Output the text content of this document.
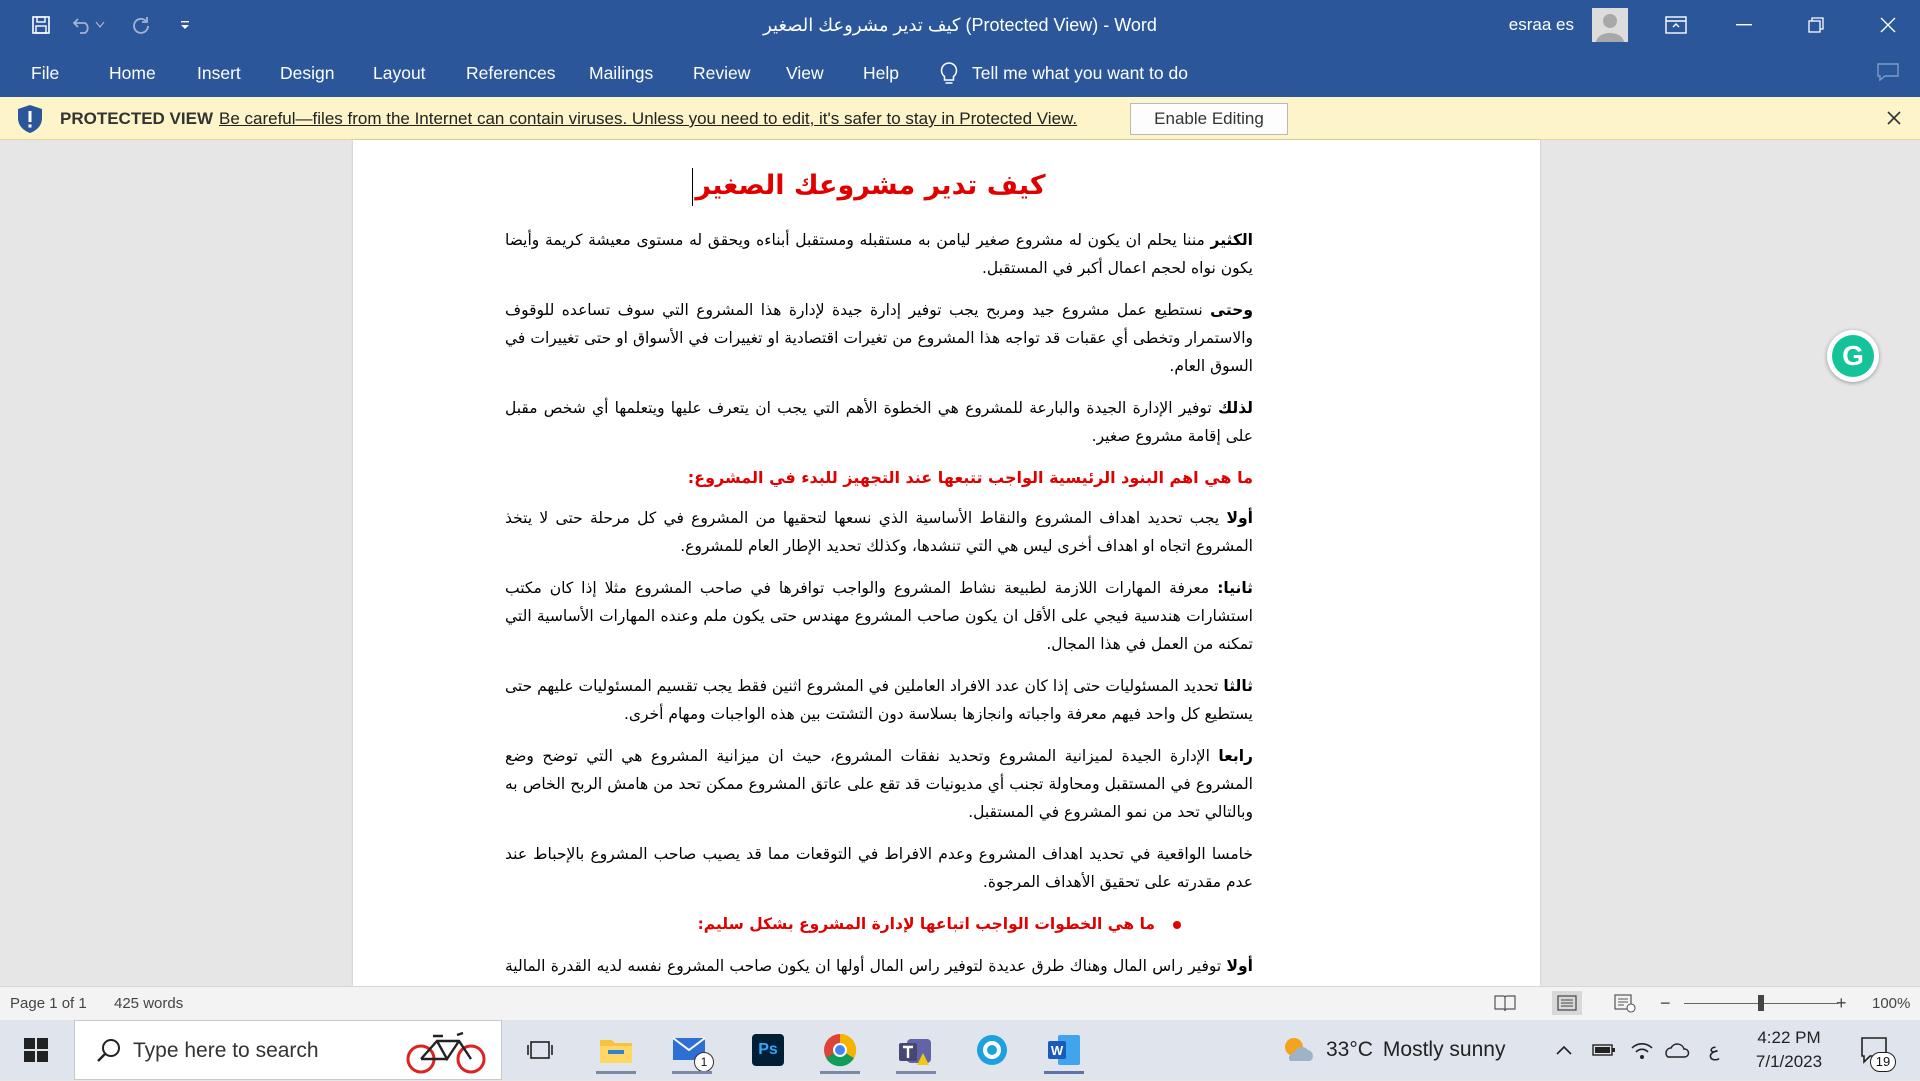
كيف تدير مشروعك الصغير (Protected View) - Word	esraa es
File	Home Insert Design Layout References Mailings Review View Help	Tell me what you want to do
PROTECTED VIEW Be careful—files from the Internet can contain viruses. Unless you need to edit, it's safer to stay in Protected View.	Enable Editing
كيف تدير مشروعك الصغير
الكثير مننا يحلم ان يكون له مشروع صغير ليامن به مستقبله ومستقبل أبناءه ويحقق له مستوى معيشة كريمة وأيضا يكون نواه لحجم اعمال أكبر في المستقبل.
وحتى نستطيع عمل مشروع جيد ومربح يجب توفير إدارة جيدة لإدارة هذا المشروع التي سوف تساعده للوقوف والاستمرار وتخطى أي عقبات قد تواجه هذا المشروع من تغيرات اقتصادية او تغييرات في الأسواق او حتى تغييرات في السوق العام.
لذلك توفير الإدارة الجيدة والبارعة للمشروع هي الخطوة الأهم التي يجب ان يتعرف عليها ويتعلمها أي شخص مقبل على إقامة مشروع صغير.
ما هي اهم البنود الرئيسية الواجب تتبعها عند التجهيز للبدء في المشروع:
أولا يجب تحديد اهداف المشروع والنقاط الأساسية الذي نسعها لتحقيها من المشروع في كل مرحلة حتى لا يتخذ المشروع اتجاه او اهداف أخرى ليس هي التي تنشدها، وكذلك تحديد الإطار العام للمشروع.
ثانيا: معرفة المهارات اللازمة لطبيعة نشاط المشروع والواجب توافرها في صاحب المشروع مثلا إذا كان مكتب استشارات هندسية فيجي على الأقل ان يكون صاحب المشروع مهندس حتى يكون ملم وعنده المهارات الأساسية التي تمكنه من العمل في هذا المجال.
ثالثا تحديد المسئوليات حتى إذا كان عدد الافراد العاملين في المشروع اثنين فقط يجب تقسيم المسئوليات عليهم حتى يستطيع كل واحد فيهم معرفة واجباته وانجازها بسلاسة دون التشتت بين هذه الواجبات ومهام أخرى.
رابعا الإدارة الجيدة لميزانية المشروع وتحديد نفقات المشروع، حيث ان ميزانية المشروع هي التي توضح وضع المشروع في المستقبل ومحاولة تجنب أي مديونيات قد تقع على عاتق المشروع ممكن تحد من هامش الربح الخاص به وبالتالي تحد من نمو المشروع في المستقبل.
خامسا الواقعية في تحديد اهداف المشروع وعدم الافراط في التوقعات مما قد يصيب صاحب المشروع بالإحباط عند عدم مقدرته على تحقيق الأهداف المرجوة.
ما هي الخطوات الواجب اتباعها لإدارة المشروع بشكل سليم:
أولا توفير راس المال وهناك طرق عديدة لتوفير راس المال أولها ان يكون صاحب المشروع نفسه لديه القدرة المالية
G
Page 1 of 1 425 words	−	+ 100%
Type here to search	1
Ps	W	33°C Mostly sunny	ع
4:22 PM
7/1/2023	19
